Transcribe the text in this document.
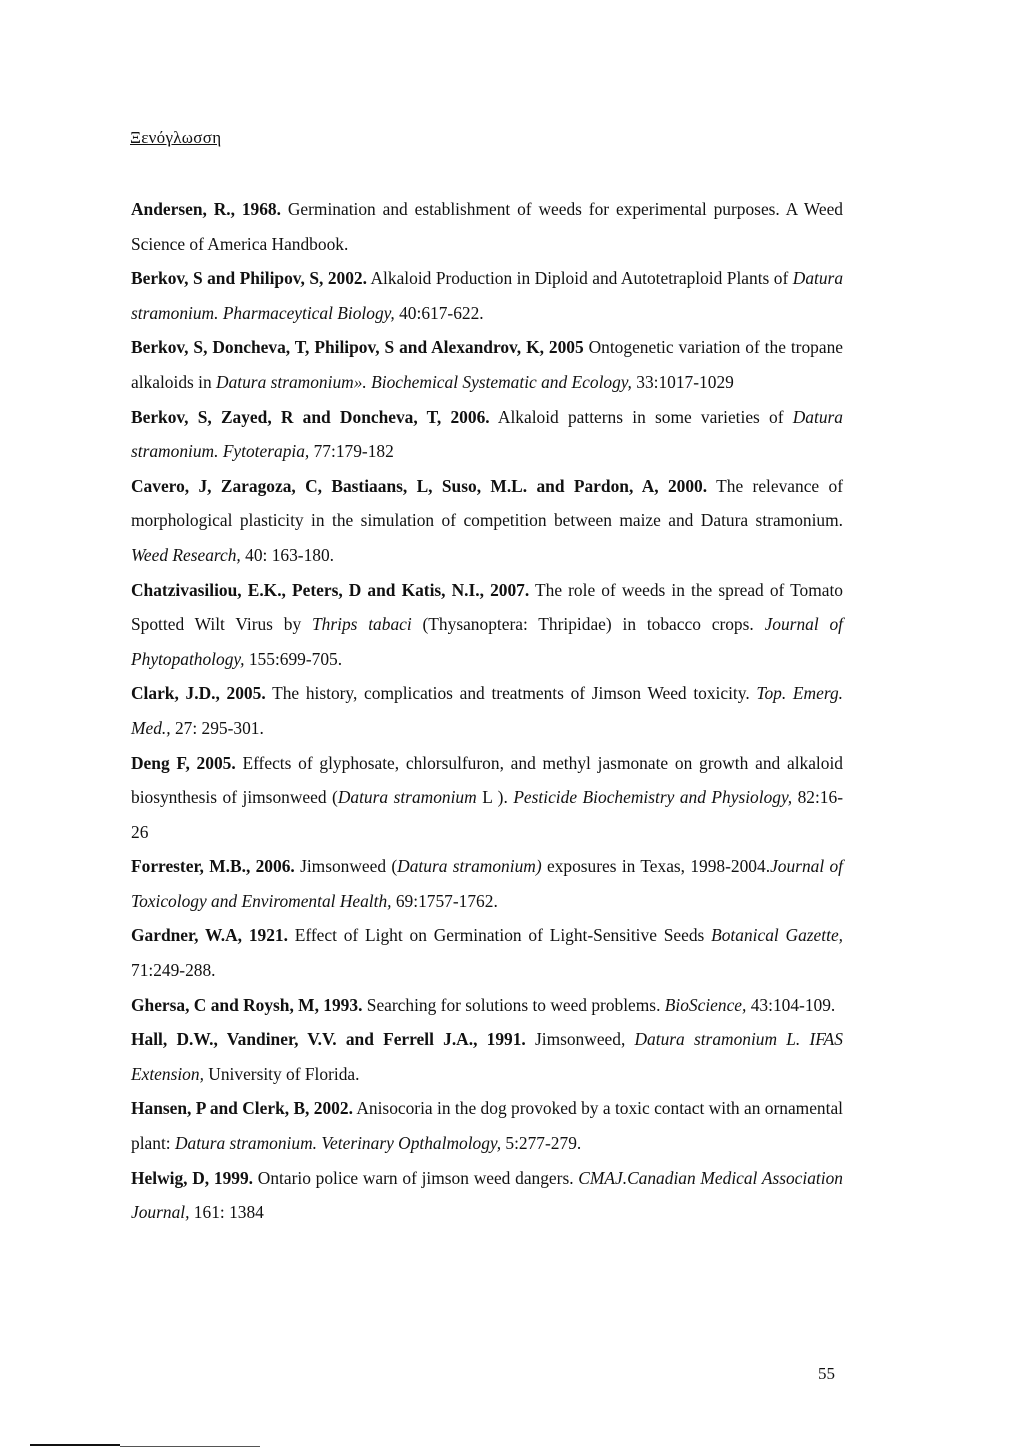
Ξενόγλωσση
Andersen, R., 1968. Germination and establishment of weeds for experimental purposes. A Weed Science of America Handbook.
Berkov, S and Philipov, S, 2002. Alkaloid Production in Diploid and Autotetraploid Plants of Datura stramonium. Pharmaceytical Biology, 40:617-622.
Berkov, S, Doncheva, T, Philipov, S and Alexandrov, K, 2005 Ontogenetic variation of the tropane alkaloids in Datura stramonium». Biochemical Systematic and Ecology, 33:1017-1029
Berkov, S, Zayed, R and Doncheva, T, 2006. Alkaloid patterns in some varieties of Datura stramonium. Fytoterapia, 77:179-182
Cavero, J, Zaragoza, C, Bastiaans, L, Suso, M.L. and Pardon, A, 2000. The relevance of morphological plasticity in the simulation of competition between maize and Datura stramonium. Weed Research, 40: 163-180.
Chatzivasiliou, E.K., Peters, D and Katis, N.I., 2007. The role of weeds in the spread of Tomato Spotted Wilt Virus by Thrips tabaci (Thysanoptera: Thripidae) in tobacco crops. Journal of Phytopathology, 155:699-705.
Clark, J.D., 2005. The history, complicatios and treatments of Jimson Weed toxicity. Top. Emerg. Med., 27: 295-301.
Deng F, 2005. Effects of glyphosate, chlorsulfuron, and methyl jasmonate on growth and alkaloid biosynthesis of jimsonweed (Datura stramonium L ). Pesticide Biochemistry and Physiology, 82:16-26
Forrester, M.B., 2006. Jimsonweed (Datura stramonium) exposures in Texas, 1998-2004.Journal of Toxicology and Enviromental Health, 69:1757-1762.
Gardner, W.A, 1921. Effect of Light on Germination of Light-Sensitive Seeds Botanical Gazette, 71:249-288.
Ghersa, C and Roysh, M, 1993. Searching for solutions to weed problems. BioScience, 43:104-109.
Hall, D.W., Vandiner, V.V. and Ferrell J.A., 1991. Jimsonweed, Datura stramonium L. IFAS Extension, University of Florida.
Hansen, P and Clerk, B, 2002. Anisocoria in the dog provoked by a toxic contact with an ornamental plant: Datura stramonium. Veterinary Opthalmology, 5:277-279.
Helwig, D, 1999. Ontario police warn of jimson weed dangers. CMAJ.Canadian Medical Association Journal, 161: 1384
55
